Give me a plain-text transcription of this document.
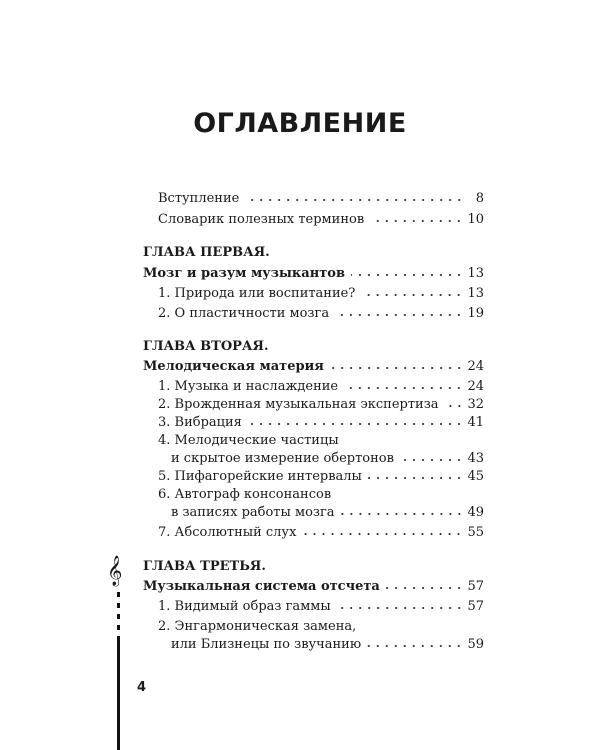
ОГЛАВЛЕНИЕ
Вступление	8
Словарик полезных терминов	10
ГЛАВА ПЕРВАЯ.
Мозг и разум музыкантов	13
1. Природа или воспитание?	13
2. О пластичности мозга	19
ГЛАВА ВТОРАЯ.
Мелодическая материя	24
1. Музыка и наслаждение	24
2. Врожденная музыкальная экспертиза 32
3. Вибрация	41
4. Мелодические частицы
и скрытое измерение обертонов	43
5. Пифагорейские интервалы	45
6. Автограф консонансов
в записях работы мозга	49
7. Абсолютный слух	55
ГЛАВА ТРЕТЬЯ.
Музыкальная система отсчета	57
1. Видимый образ гаммы	57
2. Энгармоническая замена,
или Близнецы по звучанию	59
𝄞
4
